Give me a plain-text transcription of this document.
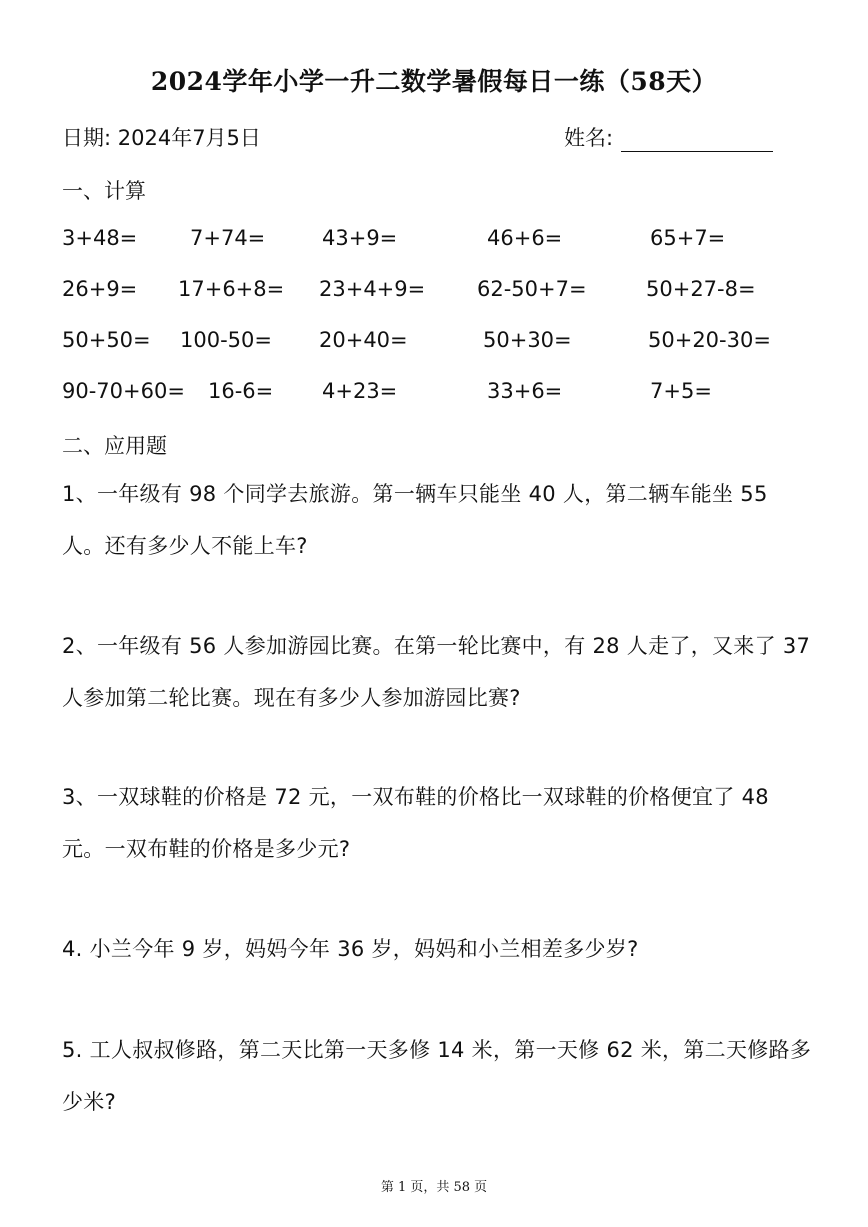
2024学年小学一升二数学暑假每日一练（58天）
日期: 2024年7月5日	姓名:
一、计算
3+48=	7+74=	43+9=	46+6=	65+7=
26+9= 17+6+8= 23+4+9= 62-50+7=	50+27-8=
50+50= 100-50= 20+40=	50+30=	50+20-30=
90-70+60= 16-6= 4+23=	33+6=	7+5=
二、应用题
1、一年级有 98 个同学去旅游。第一辆车只能坐 40 人，第二辆车能坐 55 人。还有多少人不能上车?
2、一年级有 56 人参加游园比赛。在第一轮比赛中，有 28 人走了，又来了 37 人参加第二轮比赛。现在有多少人参加游园比赛?
3、一双球鞋的价格是 72 元，一双布鞋的价格比一双球鞋的价格便宜了 48 元。一双布鞋的价格是多少元?
4. 小兰今年 9 岁，妈妈今年 36 岁，妈妈和小兰相差多少岁?
5. 工人叔叔修路，第二天比第一天多修 14 米，第一天修 62 米，第二天修路多少米?
第 1 页，共 58 页
